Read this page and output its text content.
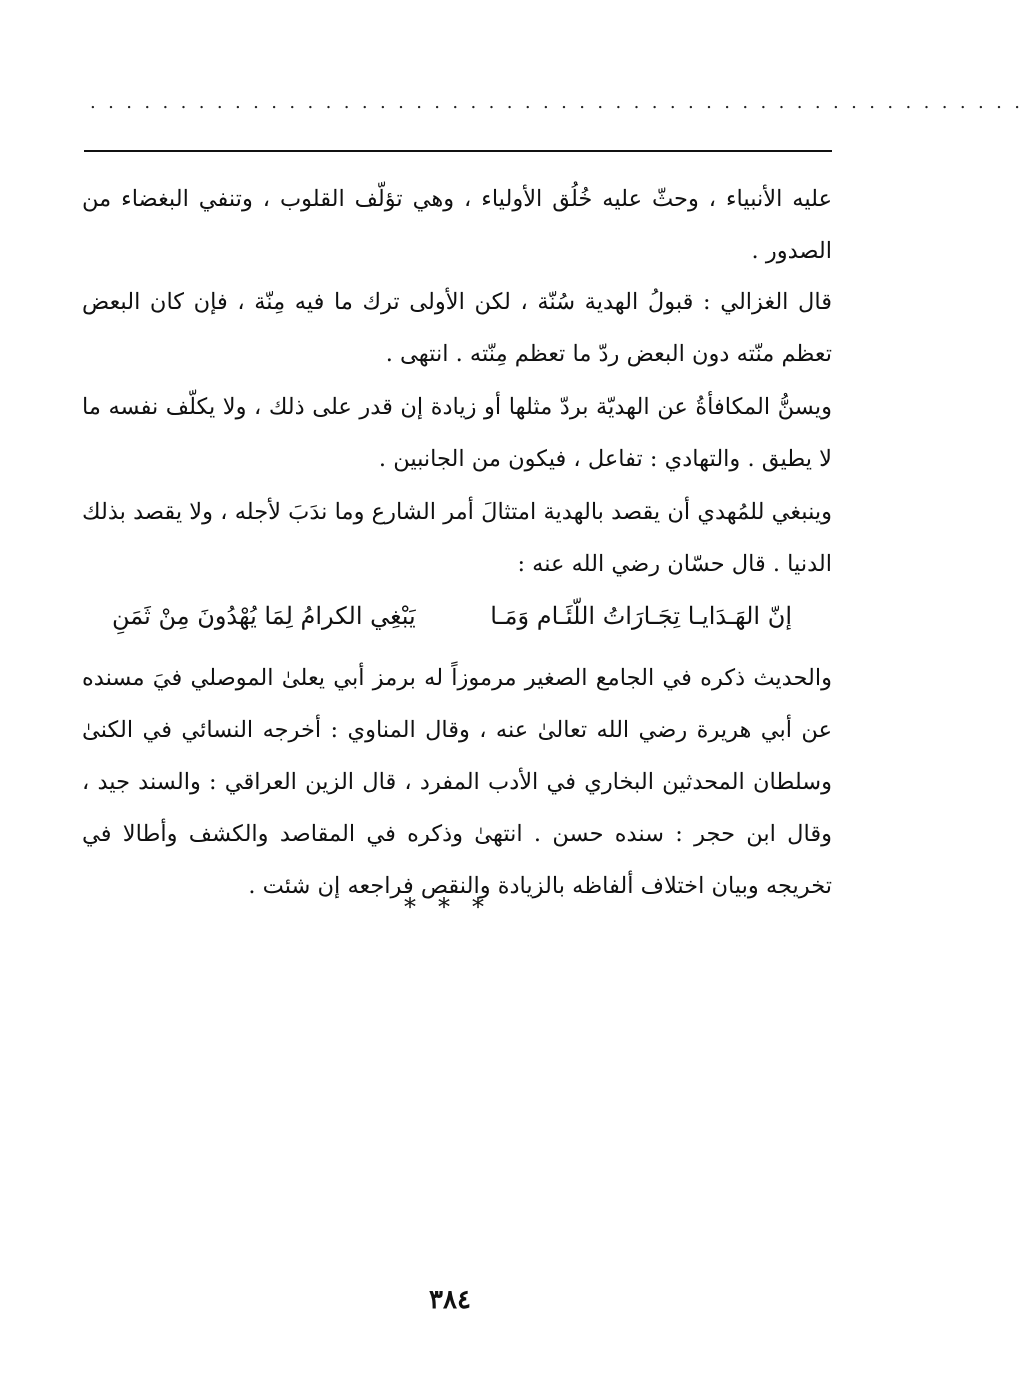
....................................................

عليه الأنبياء ، وحثّ عليه خُلُق الأولياء ، وهي تؤلّف القلوب ، وتنفي البغضاء من الصدور .

قال الغزالي : قبولُ الهدية سُنّة ، لكن الأولى ترك ما فيه مِنّة ، فإن كان البعض تعظم منّته دون البعض ردّ ما تعظم مِنّته . انتهى .

ويسنُّ المكافأةُ عن الهديّة بردّ مثلها أو زيادة إن قدر على ذلك ، ولا يكلّف نفسه ما لا يطيق . والتهادي : تفاعل ، فيكون من الجانبين .

وينبغي للمُهدي أن يقصد بالهدية امتثالَ أمر الشارع وما ندَبَ لأجله ، ولا يقصد بذلك الدنيا . قال حسّان رضي الله عنه :

إنّ الهَـدَايـا تِجَـارَاتُ اللّئَـام وَمَـا
يَبْغِي الكرامُ لِمَا يُهْدُونَ مِنْ ثَمَنِ

والحديث ذكره في الجامع الصغير مرموزاً له برمز أبي يعلىٰ الموصلي فيَ مسنده عن أبي هريرة رضي الله تعالىٰ عنه ، وقال المناوي : أخرجه النسائي في الكنىٰ وسلطان المحدثين البخاري في الأدب المفرد ، قال الزين العراقي : والسند جيد ، وقال ابن حجر : سنده حسن . انتهىٰ وذكره في المقاصد والكشف وأطالا في تخريجه وبيان اختلاف ألفاظه بالزيادة والنقص فراجعه إن شئت .

***
٣٨٤
